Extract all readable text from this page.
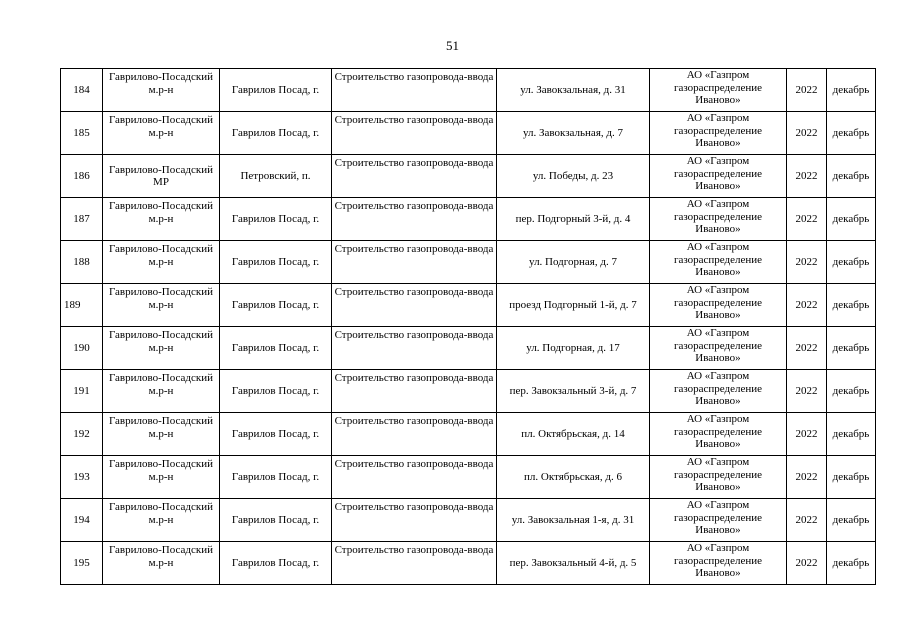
51
184	Гаврилово-Посадский м.р-н	Гаврилов Посад, г.	Строительство газопровода-ввода	ул. Завокзальная, д. 31	АО «Газпром газораспределение Иваново»	2022	декабрь
185	Гаврилово-Посадский м.р-н	Гаврилов Посад, г.	Строительство газопровода-ввода	ул. Завокзальная, д. 7	АО «Газпром газораспределение Иваново»	2022	декабрь
186	Гаврилово-Посадский МР	Петровский, п.	Строительство газопровода-ввода	ул. Победы, д. 23	АО «Газпром газораспределение Иваново»	2022	декабрь
187	Гаврилово-Посадский м.р-н	Гаврилов Посад, г.	Строительство газопровода-ввода	пер. Подгорный 3-й, д. 4	АО «Газпром газораспределение Иваново»	2022	декабрь
188	Гаврилово-Посадский м.р-н	Гаврилов Посад, г.	Строительство газопровода-ввода	ул. Подгорная, д. 7	АО «Газпром газораспределение Иваново»	2022	декабрь
189	Гаврилово-Посадский м.р-н	Гаврилов Посад, г.	Строительство газопровода-ввода	проезд Подгорный 1-й, д. 7	АО «Газпром газораспределение Иваново»	2022	декабрь
190	Гаврилово-Посадский м.р-н	Гаврилов Посад, г.	Строительство газопровода-ввода	ул. Подгорная, д. 17	АО «Газпром газораспределение Иваново»	2022	декабрь
191	Гаврилово-Посадский м.р-н	Гаврилов Посад, г.	Строительство газопровода-ввода	пер. Завокзальный 3-й, д. 7	АО «Газпром газораспределение Иваново»	2022	декабрь
192	Гаврилово-Посадский м.р-н	Гаврилов Посад, г.	Строительство газопровода-ввода	пл. Октябрьская, д. 14	АО «Газпром газораспределение Иваново»	2022	декабрь
193	Гаврилово-Посадский м.р-н	Гаврилов Посад, г.	Строительство газопровода-ввода	пл. Октябрьская, д. 6	АО «Газпром газораспределение Иваново»	2022	декабрь
194	Гаврилово-Посадский м.р-н	Гаврилов Посад, г.	Строительство газопровода-ввода	ул. Завокзальная 1-я, д. 31	АО «Газпром газораспределение Иваново»	2022	декабрь
195	Гаврилово-Посадский м.р-н	Гаврилов Посад, г.	Строительство газопровода-ввода	пер. Завокзальный 4-й, д. 5	АО «Газпром газораспределение Иваново»	2022	декабрь
